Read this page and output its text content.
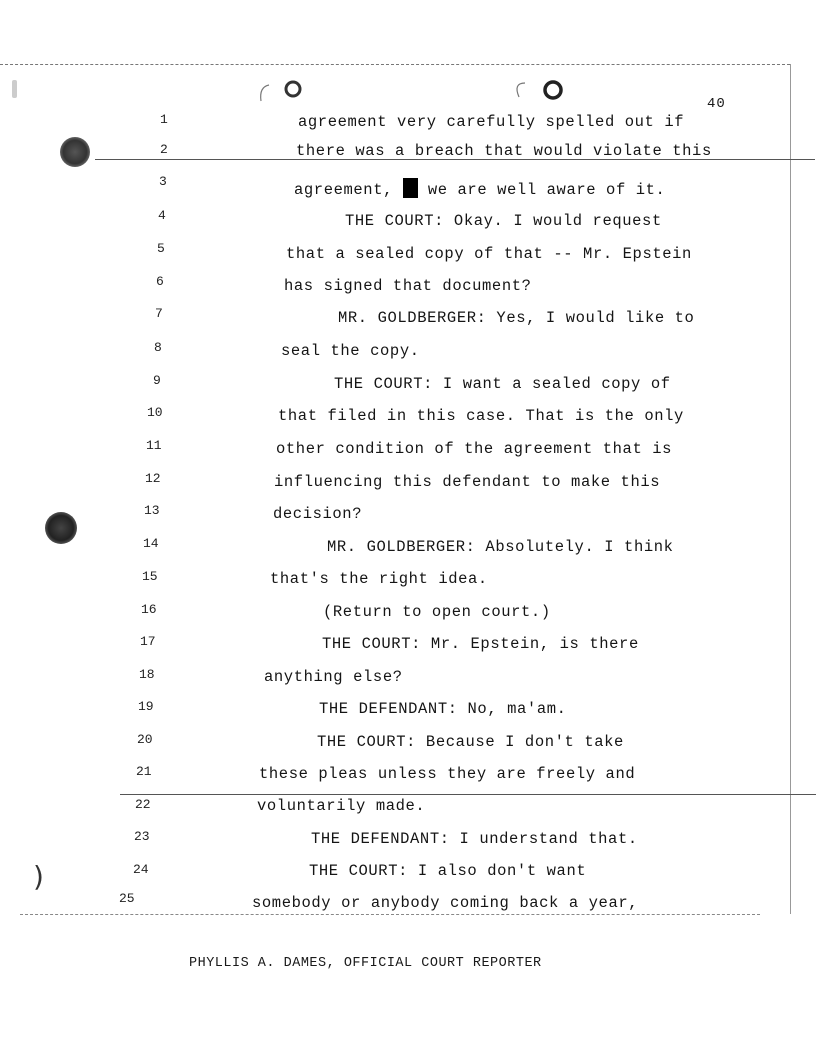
)
40
1
2
3
4
5
6
7
8
9
10
11
12
13
14
15
16
17
18
19
20
21
22
23
24
25
agreement very carefully spelled out if
there was a breach that would violate this
agreement,  we are well aware of it.
THE COURT: Okay. I would request
that a sealed copy of that -- Mr. Epstein
has signed that document?
MR. GOLDBERGER: Yes, I would like to
seal the copy.
THE COURT: I want a sealed copy of
that filed in this case. That is the only
other condition of the agreement that is
influencing this defendant to make this
decision?
MR. GOLDBERGER: Absolutely. I think
that's the right idea.
(Return to open court.)
THE COURT: Mr. Epstein, is there
anything else?
THE DEFENDANT: No, ma'am.
THE COURT: Because I don't take
these pleas unless they are freely and
voluntarily made.
THE DEFENDANT: I understand that.
THE COURT: I also don't want
somebody or anybody coming back a year,
PHYLLIS A. DAMES, OFFICIAL COURT REPORTER
